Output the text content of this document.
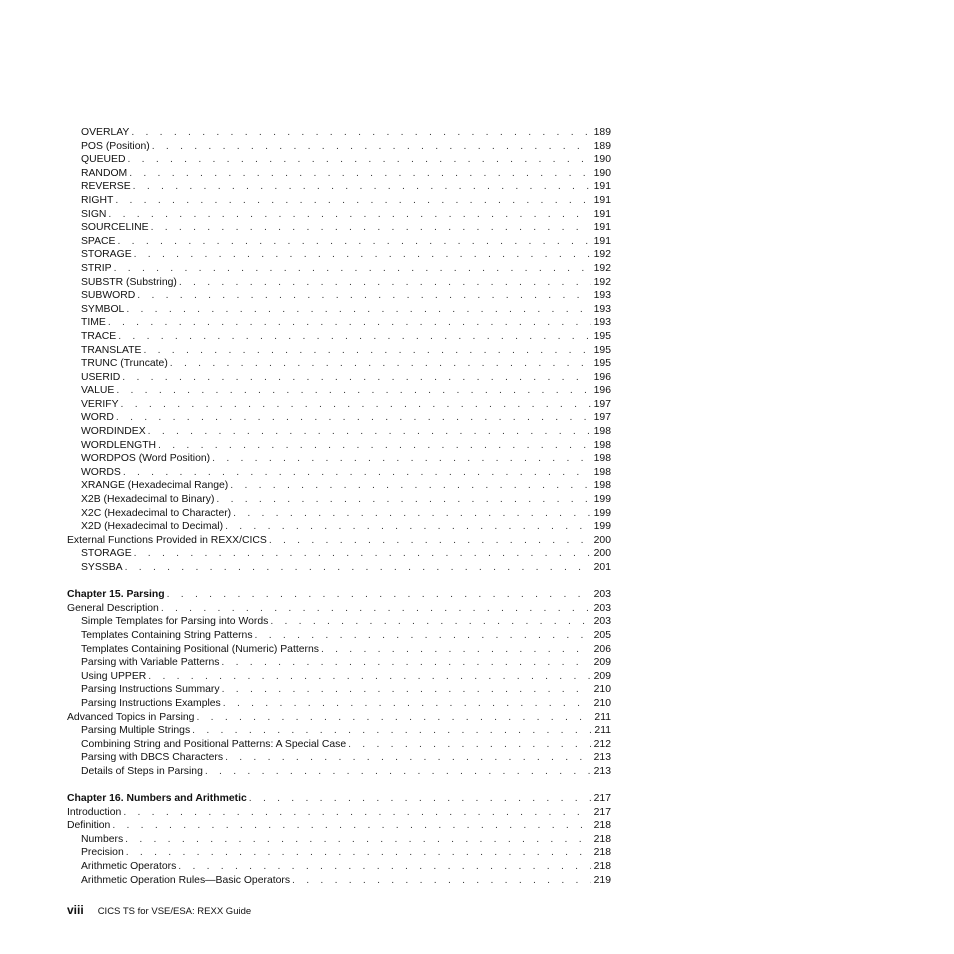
OVERLAY . . .	189
POS (Position) . . .	189
QUEUED . . .	190
RANDOM . . .	190
REVERSE . . .	191
RIGHT . . .	191
SIGN . . .	191
SOURCELINE . . .	191
SPACE . . .	191
STORAGE . . .	192
STRIP . . .	192
SUBSTR (Substring) . . .	192
SUBWORD . . .	193
SYMBOL . . .	193
TIME . . .	193
TRACE . . .	195
TRANSLATE . . .	195
TRUNC (Truncate) . . .	195
USERID . . .	196
VALUE . . .	196
VERIFY . . .	197
WORD . . .	197
WORDINDEX . . .	198
WORDLENGTH . . .	198
WORDPOS (Word Position) . . .	198
WORDS . . .	198
XRANGE (Hexadecimal Range) . . .	198
X2B (Hexadecimal to Binary) . . .	199
X2C (Hexadecimal to Character) . . .	199
X2D (Hexadecimal to Decimal) . . .	199
External Functions Provided in REXX/CICS . . .	200
STORAGE . . .	200
SYSSBA . . .	201
Chapter 15. Parsing . . .	203
General Description . . .	203
Simple Templates for Parsing into Words . . .	203
Templates Containing String Patterns . . .	205
Templates Containing Positional (Numeric) Patterns . . .	206
Parsing with Variable Patterns . . .	209
Using UPPER . . .	209
Parsing Instructions Summary . . .	210
Parsing Instructions Examples . . .	210
Advanced Topics in Parsing . . .	211
Parsing Multiple Strings . . .	211
Combining String and Positional Patterns: A Special Case . . .	212
Parsing with DBCS Characters . . .	213
Details of Steps in Parsing . . .	213
Chapter 16. Numbers and Arithmetic . . .	217
Introduction . . .	217
Definition . . .	218
Numbers . . .	218
Precision . . .	218
Arithmetic Operators . . .	218
Arithmetic Operation Rules—Basic Operators . . .	219
viii CICS TS for VSE/ESA: REXX Guide
